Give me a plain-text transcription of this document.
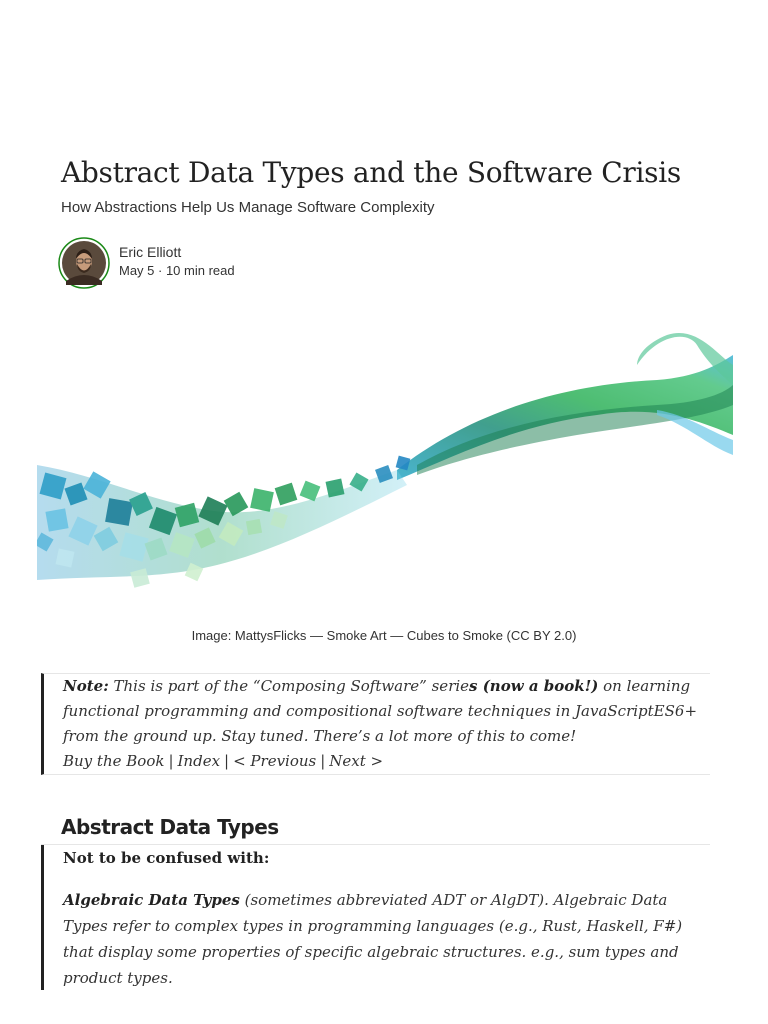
Abstract Data Types and the Software Crisis
How Abstractions Help Us Manage Software Complexity
Eric Elliott
May 5 · 10 min read
Image: MattysFlicks — Smoke Art — Cubes to Smoke (CC BY 2.0)

Note: This is part of the “Composing Software” series (now a book!) on learning functional programming and compositional software techniques in JavaScriptES6+ from the ground up. Stay tuned. There’s a lot more of this to come!

Buy the Book | Index | < Previous | Next >
Abstract Data Types
Not to be confused with:

Algebraic Data Types (sometimes abbreviated ADT or AlgDT). Algebraic Data Types refer to complex types in programming languages (e.g., Rust, Haskell, F#) that display some properties of specific algebraic structures. e.g., sum types and product types.
